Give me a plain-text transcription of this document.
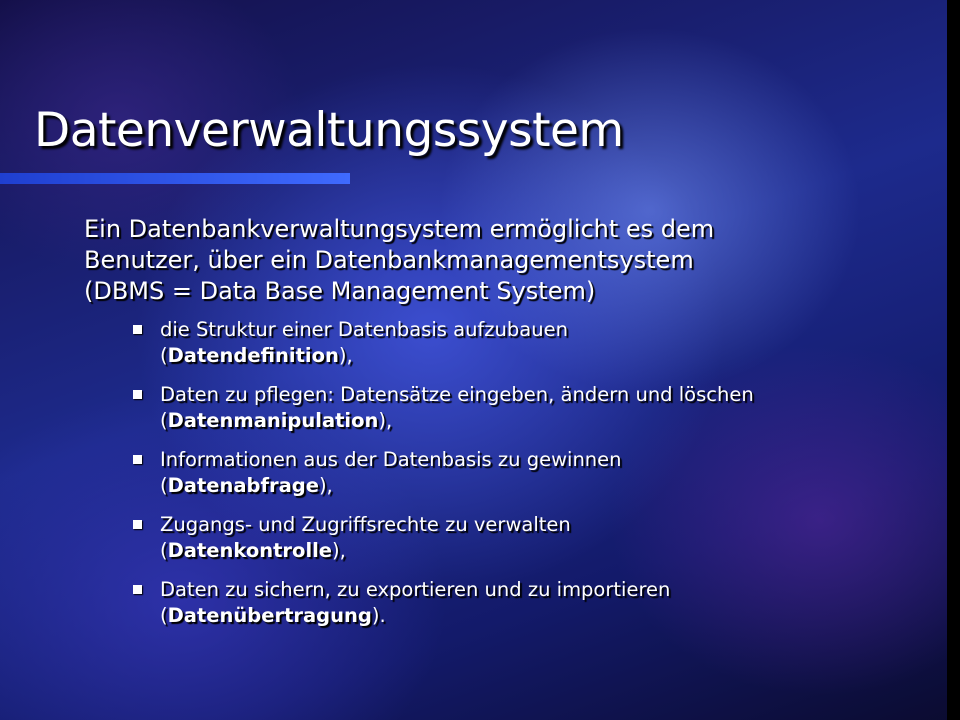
Datenverwaltungssystem

Ein Datenbankverwaltungsystem ermöglicht es dem
Benutzer, über ein Datenbankmanagementsystem
(DBMS = Data Base Management System)

die Struktur einer Datenbasis aufzubauen
(Datendefinition),
Daten zu pflegen: Datensätze eingeben, ändern und löschen
(Datenmanipulation),
Informationen aus der Datenbasis zu gewinnen
(Datenabfrage),
Zugangs- und Zugriffsrechte zu verwalten
(Datenkontrolle),
Daten zu sichern, zu exportieren und zu importieren
(Datenübertragung).
